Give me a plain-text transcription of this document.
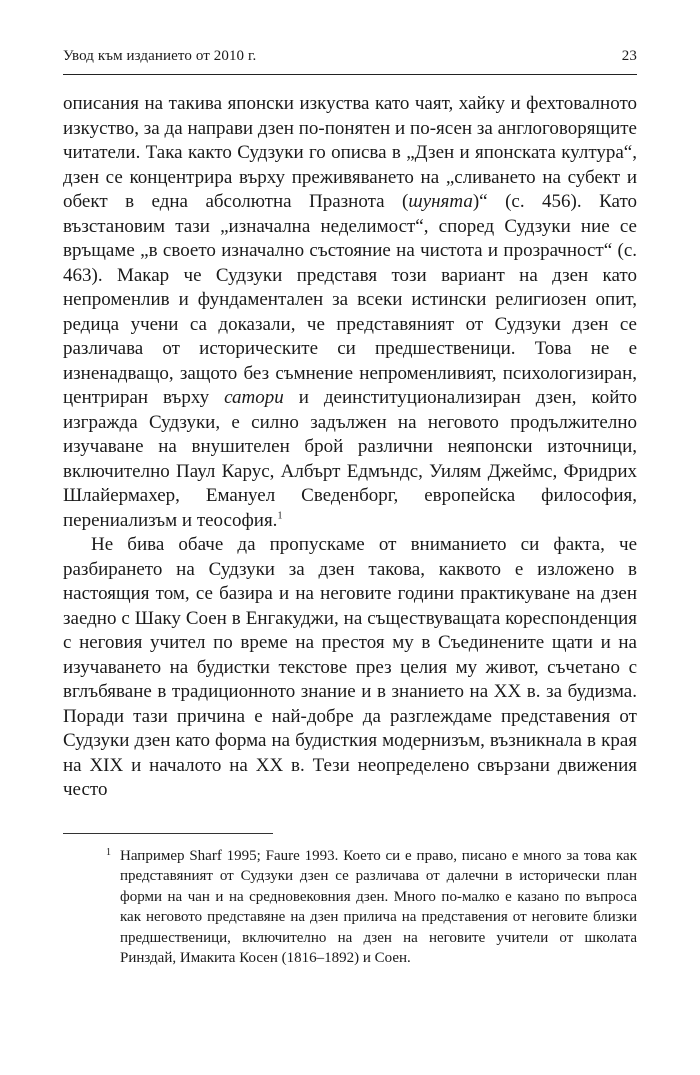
Увод към изданието от 2010 г.	23

описания на такива японски изкуства като чаят, хайку и фехтовалното изкуство, за да направи дзен по-понятен и по-ясен за англоговорящите читатели. Така както Судзуки го описва в „Дзен и японската култура“, дзен се концентрира върху преживяването на „сливането на субект и обект в една абсолютна Празнота (шунята)“ (с. 456). Като възстановим тази „изначална неделимост“, според Судзуки ние се връщаме „в своето изначално състояние на чистота и прозрачност“ (с. 463). Макар че Судзуки представя този вариант на дзен като непроменлив и фундаментален за всеки истински религиозен опит, редица учени са доказали, че представяният от Судзуки дзен се различава от историческите си предшественици. Това не е изненадващо, защото без съмнение непроменливият, психологизиран, центриран върху сатори и деинституционализиран дзен, който изгражда Судзуки, е силно задължен на неговото продължително изучаване на внушителен брой различни неяпонски източници, включително Паул Карус, Албърт Едмъндс, Уилям Джеймс, Фридрих Шлайермахер, Емануел Сведенборг, европейска философия, перениализъм и теософия.$^1$

Не бива обаче да пропускаме от вниманието си факта, че разбирането на Судзуки за дзен такова, каквото е изложено в настоящия том, се базира и на неговите години практикуване на дзен заедно с Шаку Соен в Енгакуджи, на съществуващата кореспонденция с неговия учител по време на престоя му в Съединените щати и на изучаването на будистки текстове през целия му живот, съчетано с вглъбяване в традиционното знание и в знанието на XX в. за будизма. Поради тази причина е най-добре да разглеждаме представения от Судзуки дзен като форма на будисткия модернизъм, възникнала в края на XIX и началото на XX в. Тези неопределено свързани движения често

1 Например Sharf 1995; Faure 1993. Което си е право, писано е много за това как представяният от Судзуки дзен се различава от далечни в исторически план форми на чан и на средновековния дзен. Много по-малко е казано по въпроса как неговото представяне на дзен прилича на представения от неговите близки предшественици, включително на дзен на неговите учители от школата Ринздай, Имакита Косен (1816–1892) и Соен.
